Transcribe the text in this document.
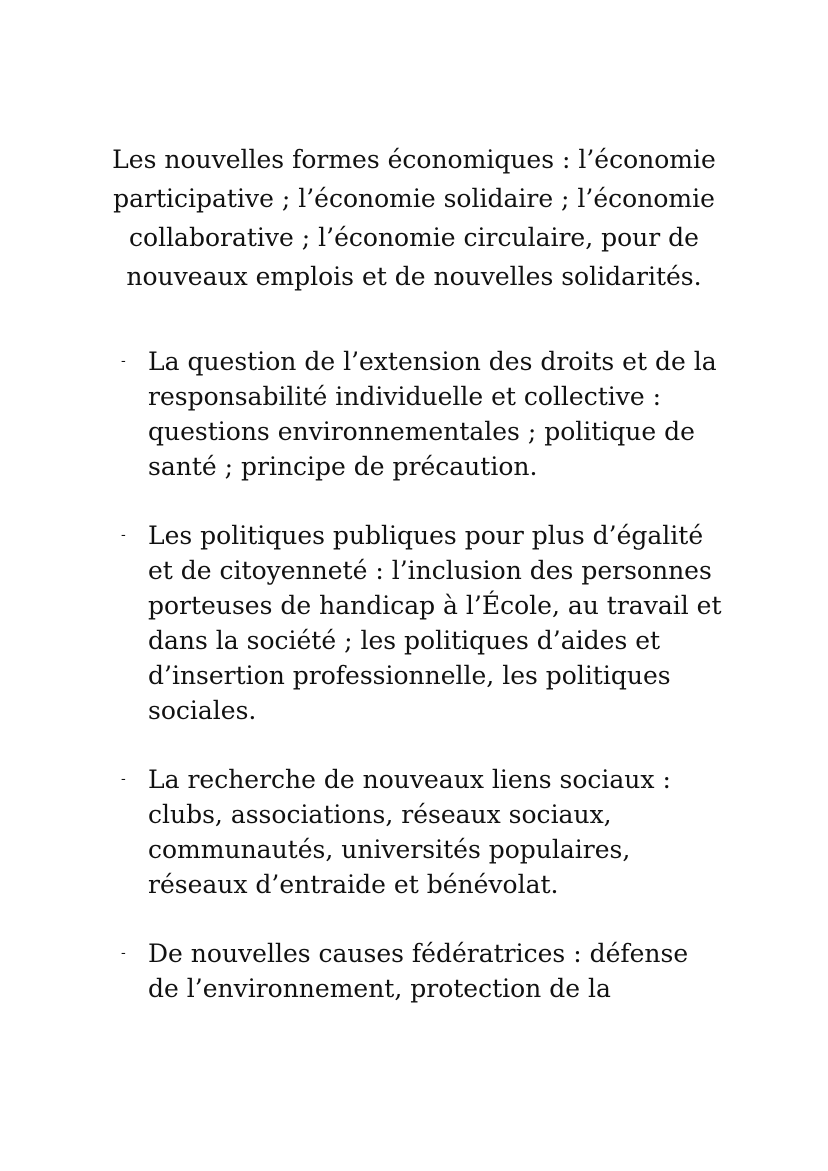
Les nouvelles formes économiques : l’économie
participative ; l’économie solidaire ; l’économie
collaborative ; l’économie circulaire, pour de
nouveaux emplois et de nouvelles solidarités.

- La question de l’extension des droits et de la
responsabilité individuelle et collective :
questions environnementales ; politique de
santé ; principe de précaution.
- Les politiques publiques pour plus d’égalité
et de citoyenneté : l’inclusion des personnes
porteuses de handicap à l’École, au travail et
dans la société ; les politiques d’aides et
d’insertion professionnelle, les politiques
sociales.
- La recherche de nouveaux liens sociaux :
clubs, associations, réseaux sociaux,
communautés, universités populaires,
réseaux d’entraide et bénévolat.
- De nouvelles causes fédératrices : défense
de l’environnement, protection de la
